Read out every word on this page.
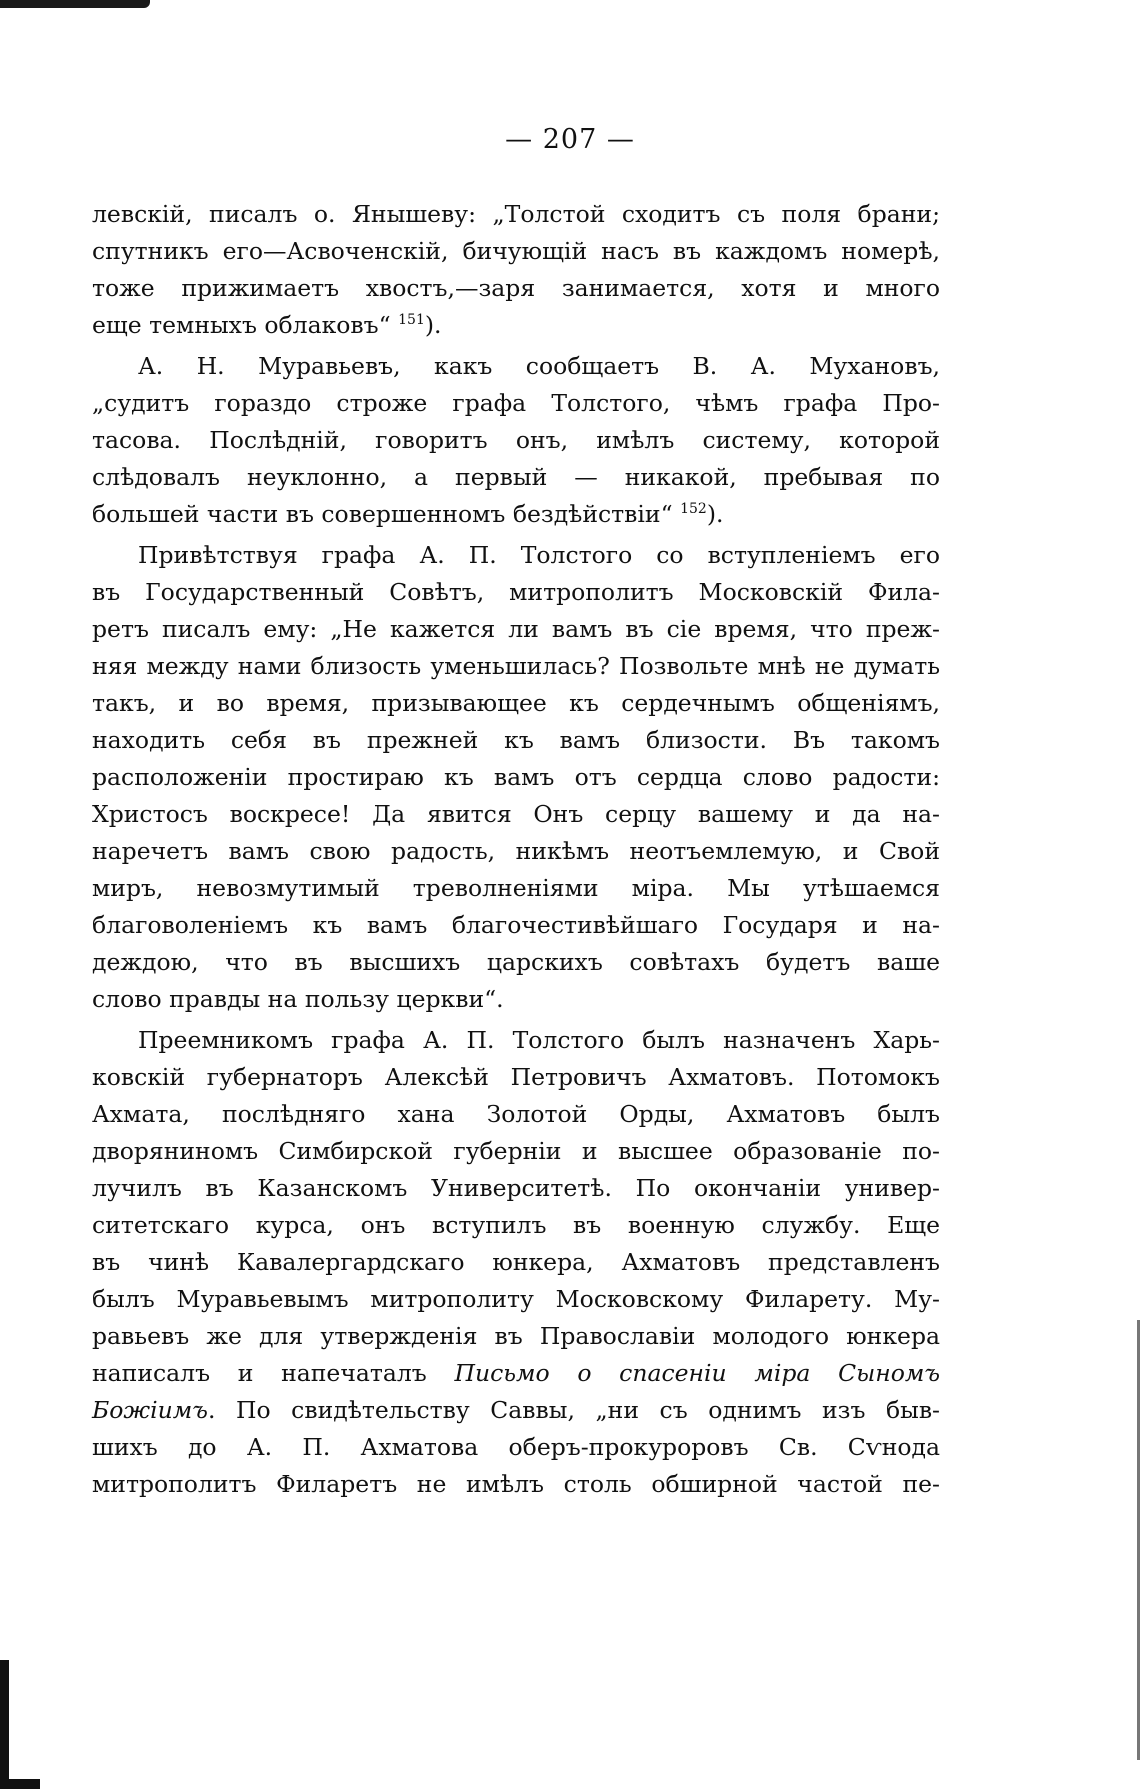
— 207 —
левскій, писалъ о. Янышеву: „Толстой сходитъ съ поля брани;
спутникъ его—Асвоченскій, бичующій насъ въ каждомъ номерѣ,
тоже прижимаетъ хвостъ,—заря занимается, хотя и много
еще темныхъ облаковъ“ $^{151}$).
А. Н. Муравьевъ, какъ сообщаетъ В. А. Мухановъ,
„судитъ гораздо строже графа Толстого, чѣмъ графа Про-
тасова. Послѣдній, говоритъ онъ, имѣлъ систему, которой
слѣдовалъ неуклонно, а первый — никакой, пребывая по
большей части въ совершенномъ бездѣйствіи“ $^{152}$).
Привѣтствуя графа А. П. Толстого со вступленіемъ его
въ Государственный Совѣтъ, митрополитъ Московскій Фила-
ретъ писалъ ему: „Не кажется ли вамъ въ сіе время, что преж-
няя между нами близость уменьшилась? Позвольте мнѣ не думать
такъ, и во время, призывающее къ сердечнымъ общеніямъ,
находить себя въ прежней къ вамъ близости. Въ такомъ
расположеніи простираю къ вамъ отъ сердца слово радости:
Христосъ воскресе! Да явится Онъ серцу вашему и да на-
наречетъ вамъ свою радость, никѣмъ неотъемлемую, и Свой
миръ, невозмутимый треволненіями міра. Мы утѣшаемся
благоволеніемъ къ вамъ благочестивѣйшаго Государя и на-
деждою, что въ высшихъ царскихъ совѣтахъ будетъ ваше
слово правды на пользу церкви“.
Преемникомъ графа А. П. Толстого былъ назначенъ Харь-
ковскій губернаторъ Алексѣй Петровичъ Ахматовъ. Потомокъ
Ахмата, послѣдняго хана Золотой Орды, Ахматовъ былъ
дворяниномъ Симбирской губерніи и высшее образованіе по-
лучилъ въ Казанскомъ Университетѣ. По окончаніи универ-
ситетскаго курса, онъ вступилъ въ военную службу. Еще
въ чинѣ Кавалергардскаго юнкера, Ахматовъ представленъ
былъ Муравьевымъ митрополиту Московскому Филарету. Му-
равьевъ же для утвержденія въ Православіи молодого юнкера
написалъ и напечаталъ Письмо о спасеніи міра Сыномъ
Божіимъ. По свидѣтельству Саввы, „ни съ однимъ изъ быв-
шихъ до А. П. Ахматова оберъ-прокуроровъ Св. Сѵнода
митрополитъ Филаретъ не имѣлъ столь обширной частой пе-
